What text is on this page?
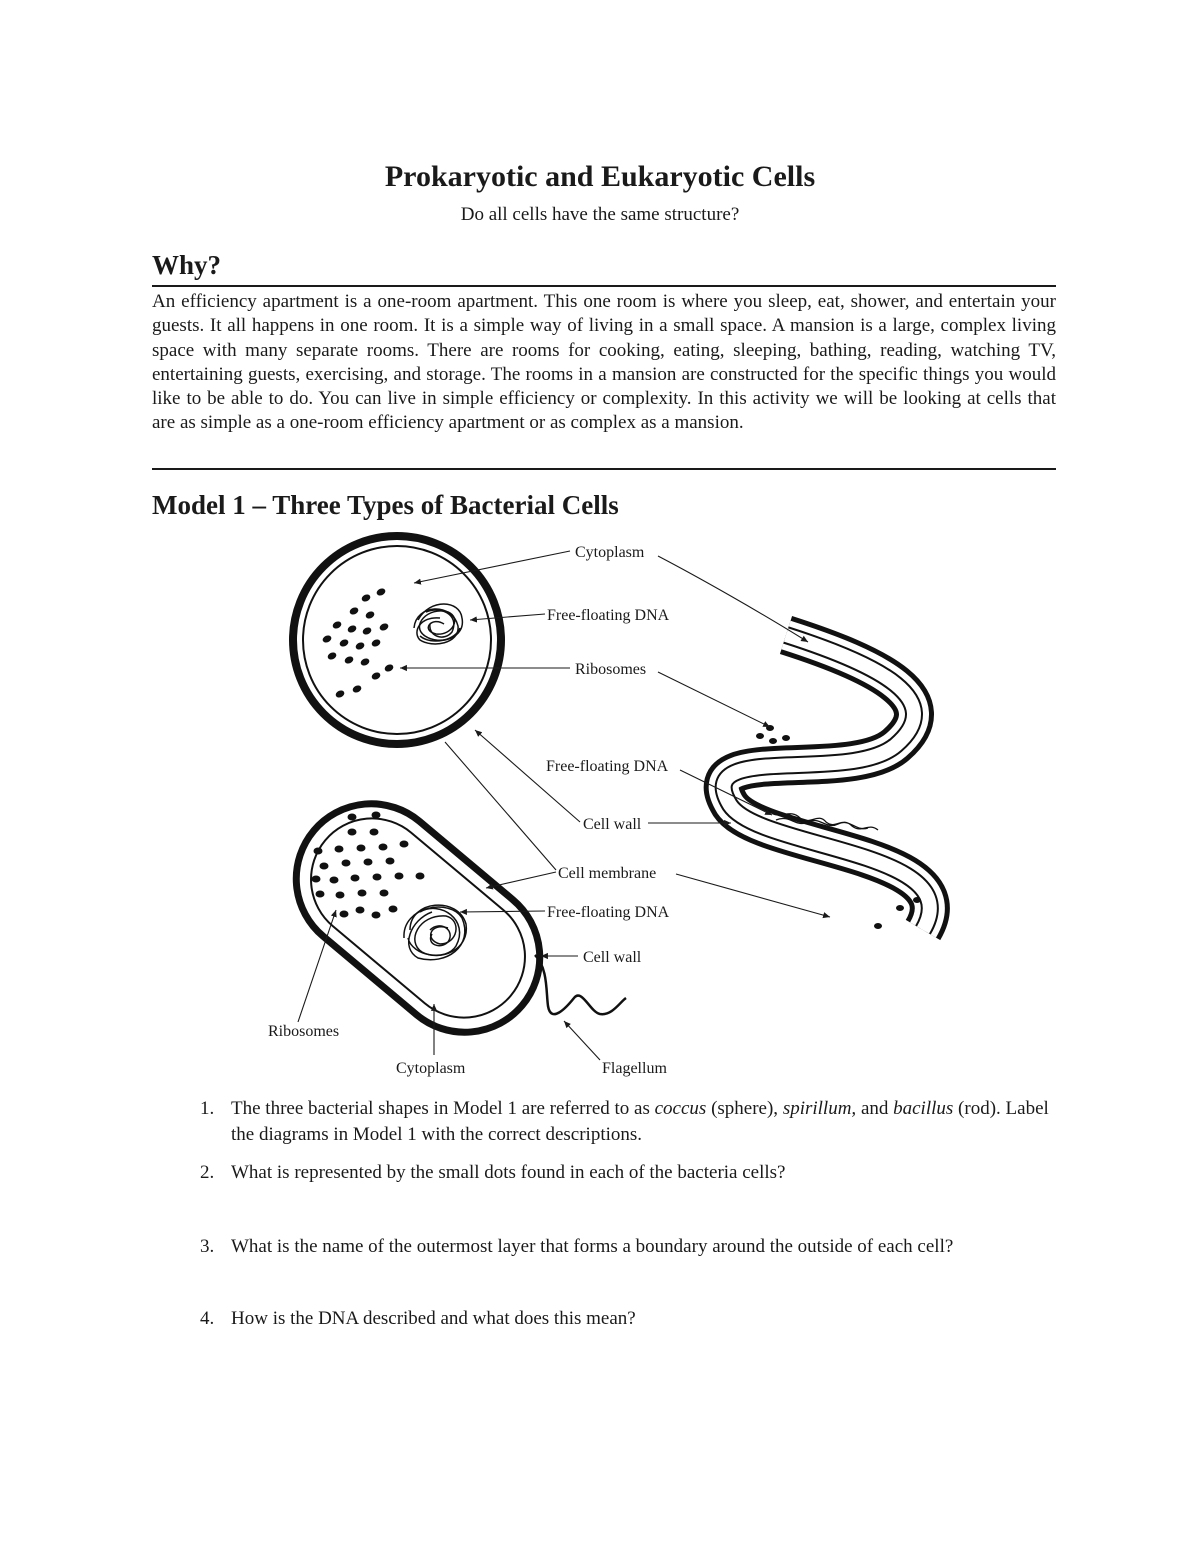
Prokaryotic and Eukaryotic Cells

Do all cells have the same structure?

Why?

An efficiency apartment is a one-room apartment. This one room is where you sleep, eat, shower, and entertain your guests. It all happens in one room. It is a simple way of living in a small space. A mansion is a large, complex living space with many separate rooms. There are rooms for cooking, eating, sleeping, bathing, reading, watching TV, entertaining guests, exercising, and storage. The rooms in a mansion are constructed for the specific things you would like to be able to do. You can live in simple efficiency or complexity. In this activity we will be looking at cells that are as simple as a one-room efficiency apartment or as complex as a mansion.

Model 1 – Three Types of Bacterial Cells
Cytoplasm
Free-floating DNA
Ribosomes
Free-floating DNA
Cell wall
Cell membrane
Free-floating DNA
Cell wall
Ribosomes
Cytoplasm	Flagellum
1. The three bacterial shapes in Model 1 are referred to as coccus (sphere), spirillum, and bacillus (rod). Label the diagrams in Model 1 with the correct descriptions.
2. What is represented by the small dots found in each of the bacteria cells?
3. What is the name of the outermost layer that forms a boundary around the outside of each cell?
4. How is the DNA described and what does this mean?
